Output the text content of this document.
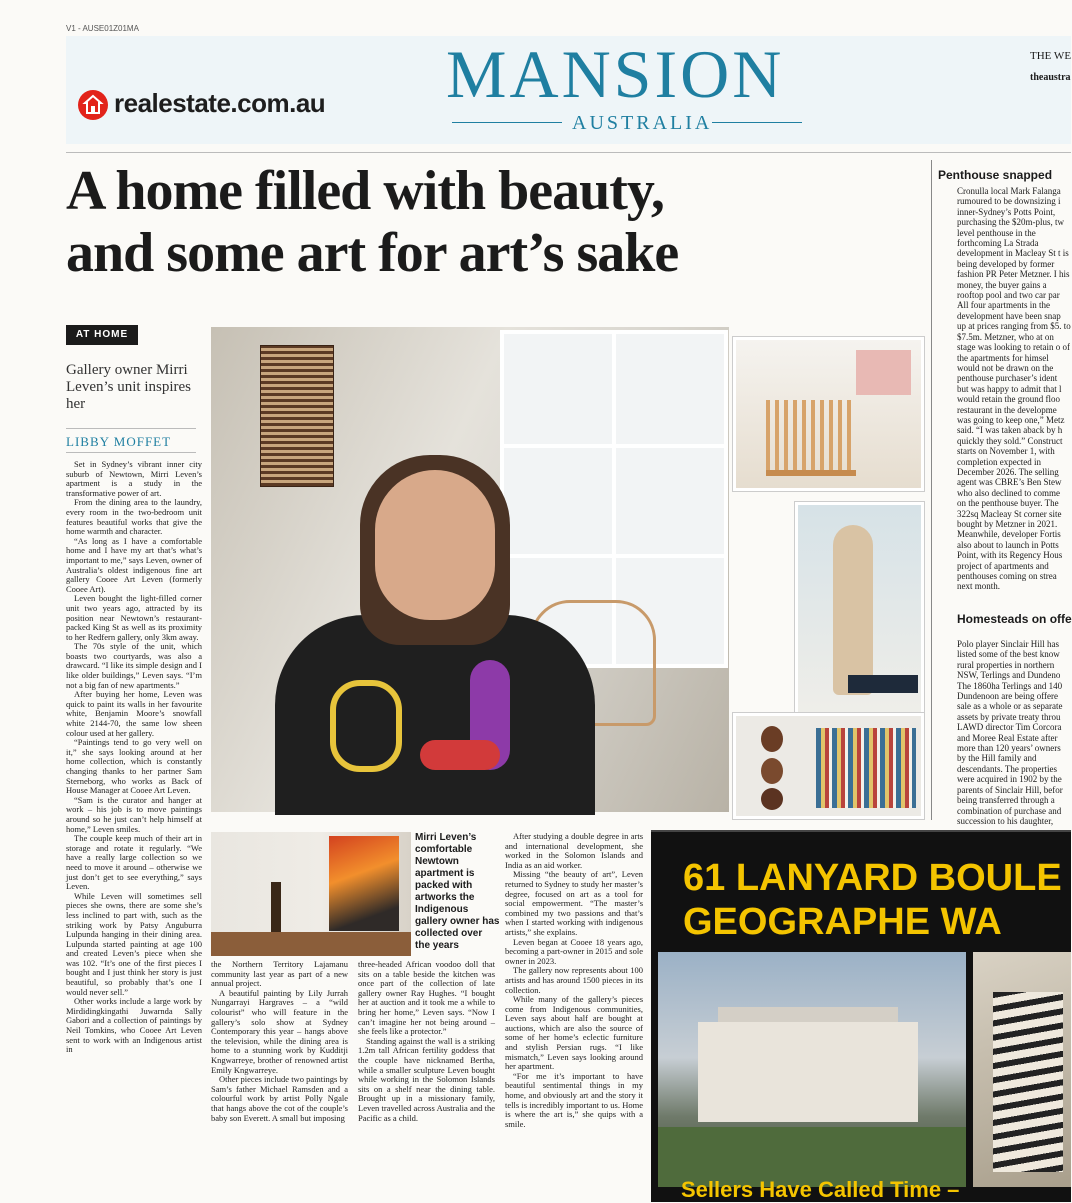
V1 - AUSE01Z01MA
realestate.com.au MANSION
AUSTRALIA
THE WE
theaustra
A home filled with beauty,
and some art for art’s sake
AT HOME
Gallery owner Mirri Leven’s unit inspires her
LIBBY MOFFET

Set in Sydney’s vibrant inner city suburb of Newtown, Mirri Leven’s apartment is a study in the transformative power of art.

From the dining area to the laundry, every room in the two-bedroom unit features beautiful works that give the home warmth and character.

“As long as I have a comfortable home and I have my art that’s what’s important to me,” says Leven, owner of Australia’s oldest indigenous fine art gallery Cooee Art Leven (formerly Cooee Art).

Leven bought the light-filled corner unit two years ago, attracted by its position near Newtown’s restaurant-packed King St as well as its proximity to her Redfern gallery, only 3km away.

The 70s style of the unit, which boasts two courtyards, was also a drawcard. “I like its simple design and I like older buildings,” Leven says. “I’m not a big fan of new apartments.”

After buying her home, Leven was quick to paint its walls in her favourite white, Benjamin Moore’s snowfall white 2144-70, the same low sheen colour used at her gallery.

“Paintings tend to go very well on it,” she says looking around at her home collection, which is constantly changing thanks to her partner Sam Sterneborg, who works as Back of House Manager at Cooee Art Leven.

“Sam is the curator and hanger at work – his job is to move paintings around so he just can’t help himself at home,” Leven smiles.

The couple keep much of their art in storage and rotate it regularly. “We have a really large collection so we need to move it around – otherwise we just don’t get to see everything,” says Leven.

While Leven will sometimes sell pieces she owns, there are some she’s less inclined to part with, such as the striking work by Patsy Anguburra Lulpunda hanging in their dining area. Lulpunda started painting at age 100 and created Leven’s piece when she was 102. “It’s one of the first pieces I bought and I just think her story is just beautiful, so probably that’s one I would never sell.”

Other works include a large work by Mirdidingkingathi Juwarnda Sally Gabori and a collection of paintings by Neil Tomkins, who Cooee Art Leven sent to work with an Indigenous artist in

Mirri Leven’s comfortable Newtown apartment is packed with artworks the Indigenous gallery owner has collected over the years

the Northern Territory Lajamanu community last year as part of a new annual project.

A beautiful painting by Lily Jurrah Nungarrayi Hargraves – a “wild colourist” who will feature in the gallery’s solo show at Sydney Contemporary this year – hangs above the television, while the dining area is home to a stunning work by Kudditji Kngwarreye, brother of renowned artist Emily Kngwarreye.

Other pieces include two paintings by Sam’s father Michael Ramsden and a colourful work by artist Polly Ngale that hangs above the cot of the couple’s baby son Everett. A small but imposing

three-headed African voodoo doll that sits on a table beside the kitchen was once part of the collection of late gallery owner Ray Hughes. “I bought her at auction and it took me a while to bring her home,” Leven says. “Now I can’t imagine her not being around – she feels like a protector.”

Standing against the wall is a striking 1.2m tall African fertility goddess that the couple have nicknamed Bertha, while a smaller sculpture Leven bought while working in the Solomon Islands sits on a shelf near the dining table. Brought up in a missionary family, Leven travelled across Australia and the Pacific as a child.

After studying a double degree in arts and international development, she worked in the Solomon Islands and India as an aid worker.

Missing “the beauty of art”, Leven returned to Sydney to study her master’s degree, focused on art as a tool for social empowerment. “The master’s combined my two passions and that’s when I started working with indigenous artists,” she explains.

Leven began at Cooee 18 years ago, becoming a part-owner in 2015 and sole owner in 2023.

The gallery now represents about 100 artists and has around 1500 pieces in its collection.

While many of the gallery’s pieces come from Indigenous communities, Leven says about half are bought at auctions, which are also the source of some of her home’s eclectic furniture and stylish Persian rugs. “I like mismatch,” Leven says looking around her apartment.

“For me it’s important to have beautiful sentimental things in my home, and obviously art and the story it tells is incredibly important to us. Home is where the art is,” she quips with a smile.

Penthouse snapped

Cronulla local Mark Falanga rumoured to be downsizing i inner-Sydney’s Potts Point, purchasing the $20m-plus, tw level penthouse in the forthcoming La Strada development in Macleay St t is being developed by former fashion PR Peter Metzner. I his money, the buyer gains a rooftop pool and two car par All four apartments in the development have been snap up at prices ranging from $5. to $7.5m. Metzner, who at on stage was looking to retain o of the apartments for himsel would not be drawn on the penthouse purchaser’s ident but was happy to admit that l would retain the ground floo restaurant in the developme was going to keep one,” Metz said. “I was taken aback by h quickly they sold.” Construct starts on November 1, with completion expected in December 2026. The selling agent was CBRE’s Ben Stew who also declined to comme on the penthouse buyer. The 322sq Macleay St corner site bought by Metzner in 2021. Meanwhile, developer Fortis also about to launch in Potts Point, with its Regency Hous project of apartments and penthouses coming on strea next month.

Homesteads on offe

Polo player Sinclair Hill has listed some of the best know rural properties in northern NSW, Terlings and Dundeno The 1860ha Terlings and 140 Dundenoon are being offere sale as a whole or as separate assets by private treaty throu LAWD director Tim Corcora and Moree Real Estate after more than 120 years’ owners by the Hill family and descendants. The properties were acquired in 1902 by the parents of Sinclair Hill, befor being transferred through a combination of purchase and succession to his daughter,

61 LANYARD BOULE
GEOGRAPHE WA
Sellers Have Called Time –
